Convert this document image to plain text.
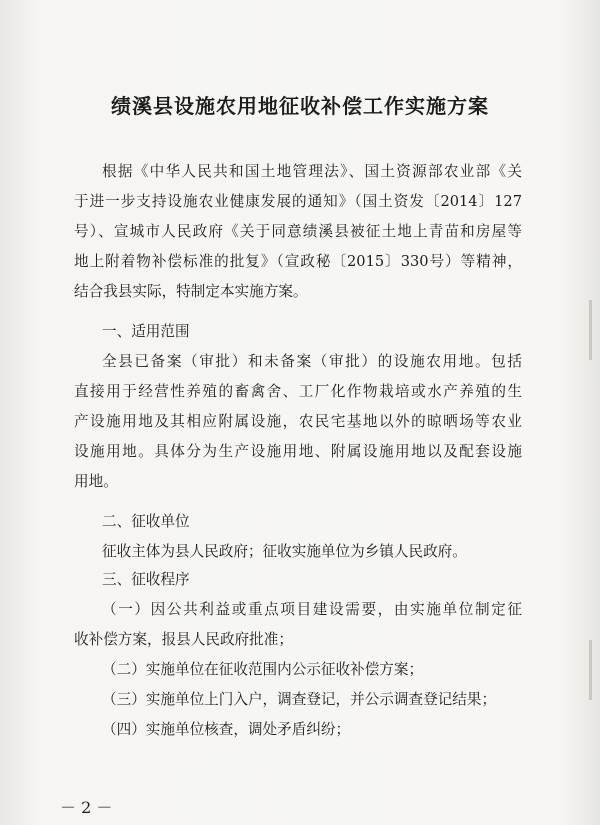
绩溪县设施农用地征收补偿工作实施方案
根据《中华人民共和国土地管理法》、国土资源部农业部《关
于进一步支持设施农业健康发展的通知》（国土资发〔2014〕127
号）、宣城市人民政府《关于同意绩溪县被征土地上青苗和房屋等
地上附着物补偿标准的批复》（宣政秘〔2015〕330号）等精神，
结合我县实际，特制定本实施方案。
一、适用范围
全县已备案（审批）和未备案（审批）的设施农用地。包括
直接用于经营性养殖的畜禽舍、工厂化作物栽培或水产养殖的生
产设施用地及其相应附属设施，农民宅基地以外的晾晒场等农业
设施用地。具体分为生产设施用地、附属设施用地以及配套设施
用地。
二、征收单位
征收主体为县人民政府；征收实施单位为乡镇人民政府。
三、征收程序
（一）因公共利益或重点项目建设需要，由实施单位制定征
收补偿方案，报县人民政府批准；
（二）实施单位在征收范围内公示征收补偿方案；
（三）实施单位上门入户，调查登记，并公示调查登记结果；
（四）实施单位核查，调处矛盾纠纷；
－ 2 －
